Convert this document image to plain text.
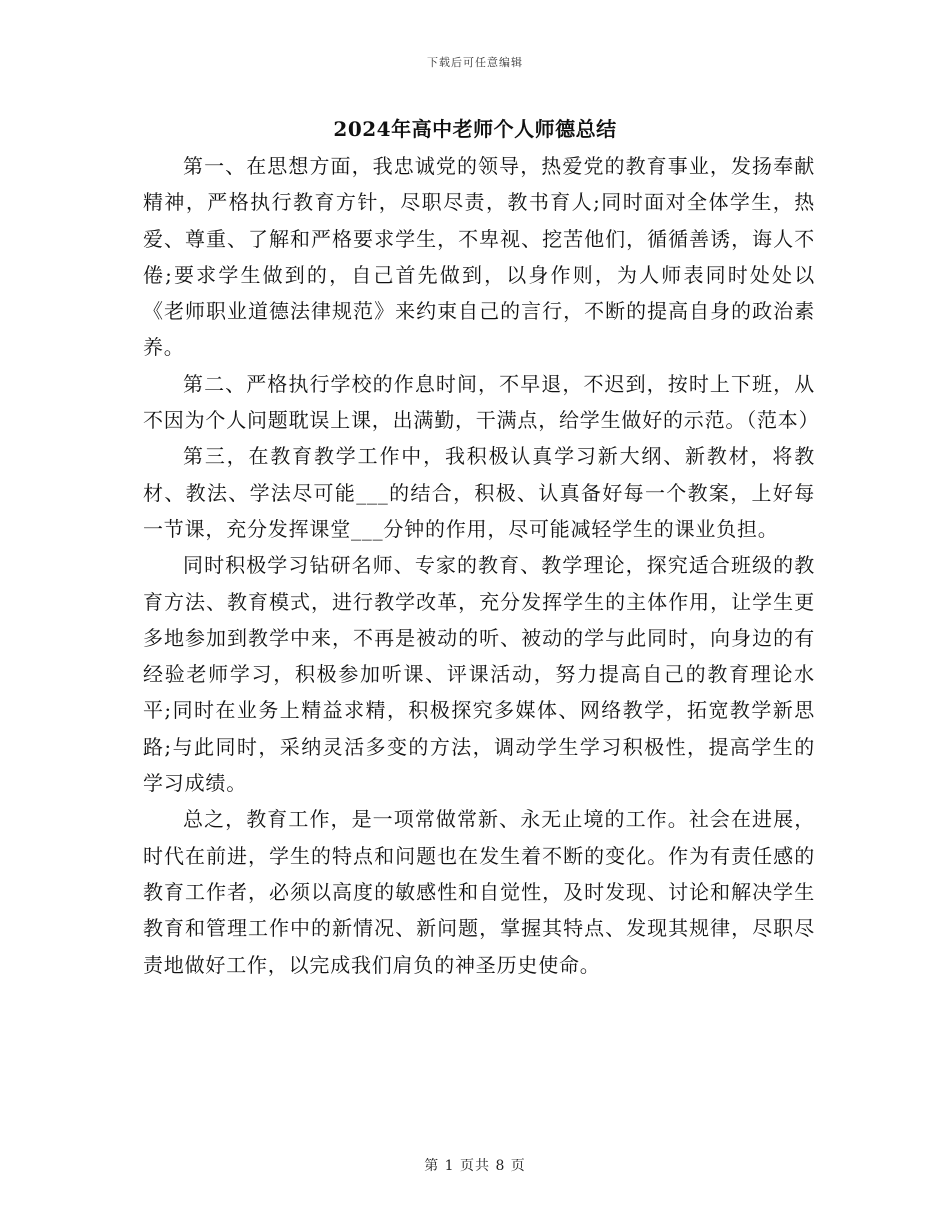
下载后可任意编辑
2024年高中老师个人师德总结

第一、在思想方面，我忠诚党的领导，热爱党的教育事业，发扬奉献精神，严格执行教育方针，尽职尽责，教书育人;同时面对全体学生，热爱、尊重、了解和严格要求学生，不卑视、挖苦他们，循循善诱，诲人不倦;要求学生做到的，自己首先做到，以身作则，为人师表同时处处以《老师职业道德法律规范》来约束自己的言行，不断的提高自身的政治素养。

第二、严格执行学校的作息时间，不早退，不迟到，按时上下班，从不因为个人问题耽误上课，出满勤，干满点，给学生做好的示范。（范本）

第三，在教育教学工作中，我积极认真学习新大纲、新教材，将教材、教法、学法尽可能___的结合，积极、认真备好每一个教案，上好每一节课，充分发挥课堂___分钟的作用，尽可能减轻学生的课业负担。

同时积极学习钻研名师、专家的教育、教学理论，探究适合班级的教育方法、教育模式，进行教学改革，充分发挥学生的主体作用，让学生更多地参加到教学中来，不再是被动的听、被动的学与此同时，向身边的有经验老师学习，积极参加听课、评课活动，努力提高自己的教育理论水平;同时在业务上精益求精，积极探究多媒体、网络教学，拓宽教学新思路;与此同时，采纳灵活多变的方法，调动学生学习积极性，提高学生的学习成绩。

总之，教育工作，是一项常做常新、永无止境的工作。社会在进展，时代在前进，学生的特点和问题也在发生着不断的变化。作为有责任感的教育工作者，必须以高度的敏感性和自觉性，及时发现、讨论和解决学生教育和管理工作中的新情况、新问题，掌握其特点、发现其规律，尽职尽责地做好工作，以完成我们肩负的神圣历史使命。

第 1 页共 8 页
